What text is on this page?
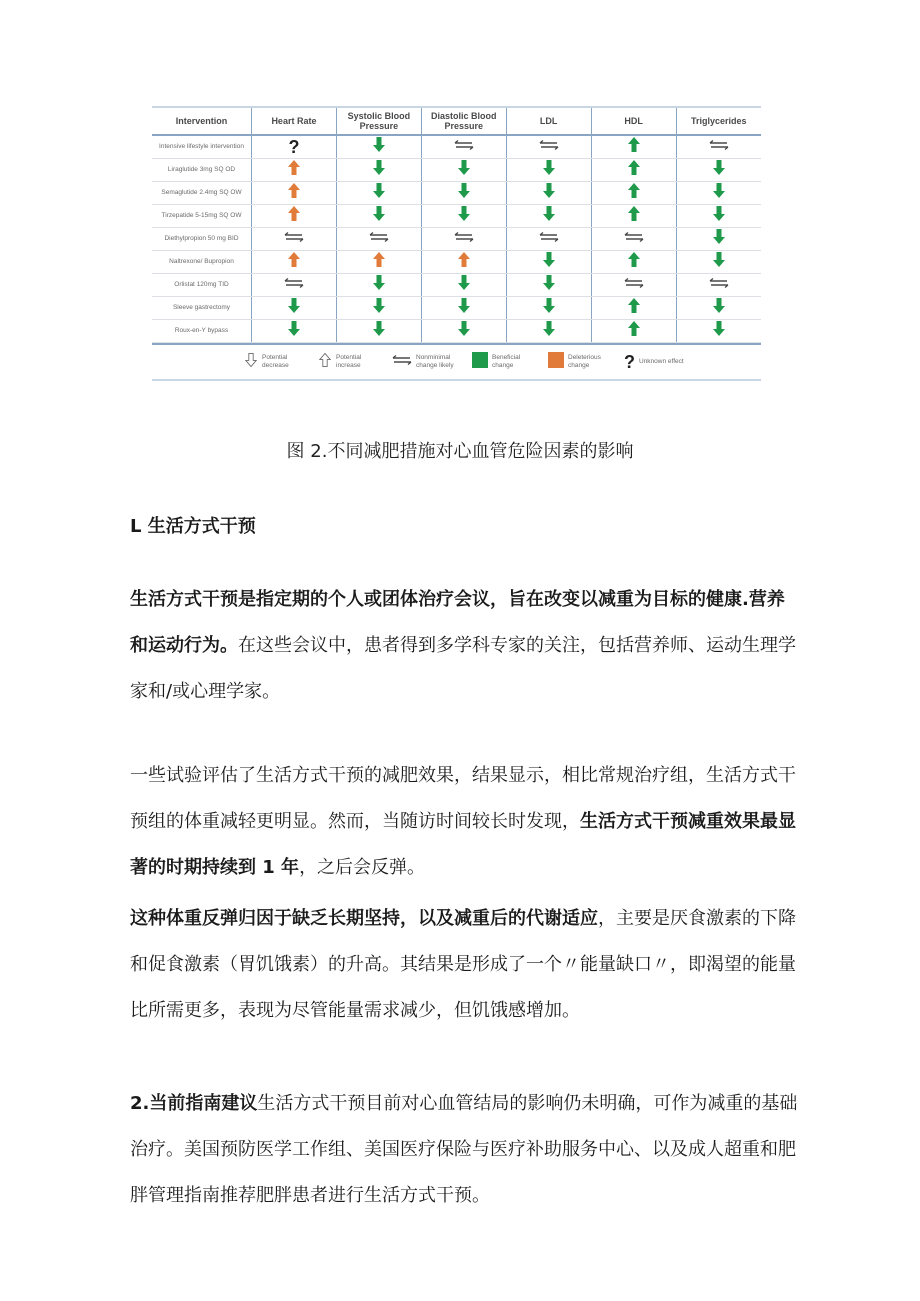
Intervention	Heart Rate	Systolic Blood Pressure	Diastolic Blood Pressure	LDL	HDL	Triglycerides
Intensive lifestyle intervention	?					
Liraglutide 3mg SQ OD						
Semaglutide 2.4mg SQ OW						
Tirzepatide 5-15mg SQ OW						
Diethylpropion 50 mg BID						
Naltrexone/ Bupropion						
Orlistat 120mg TID						
Sleeve gastrectomy						
Roux-en-Y bypass						
Potential decrease
Potential increase
Nonminimal change likely
Beneficial change
Deleterious change	? Unknown effect
图 2.不同减肥措施对心血管危险因素的影响
L 生活方式干预

生活方式干预是指定期的个人或团体治疗会议，旨在改变以减重为目标的健康.营养和运动行为。在这些会议中，患者得到多学科专家的关注，包括营养师、运动生理学家和/或心理学家。

一些试验评估了生活方式干预的减肥效果，结果显示，相比常规治疗组，生活方式干预组的体重减轻更明显。然而，当随访时间较长时发现，生活方式干预减重效果最显著的时期持续到 1 年，之后会反弹。

这种体重反弹归因于缺乏长期坚持，以及减重后的代谢适应，主要是厌食激素的下降和促食激素（胃饥饿素）的升高。其结果是形成了一个〃能量缺口〃，即渴望的能量比所需更多，表现为尽管能量需求减少，但饥饿感增加。

2.当前指南建议生活方式干预目前对心血管结局的影响仍未明确，可作为减重的基础治疗。美国预防医学工作组、美国医疗保险与医疗补助服务中心、以及成人超重和肥胖管理指南推荐肥胖患者进行生活方式干预。
